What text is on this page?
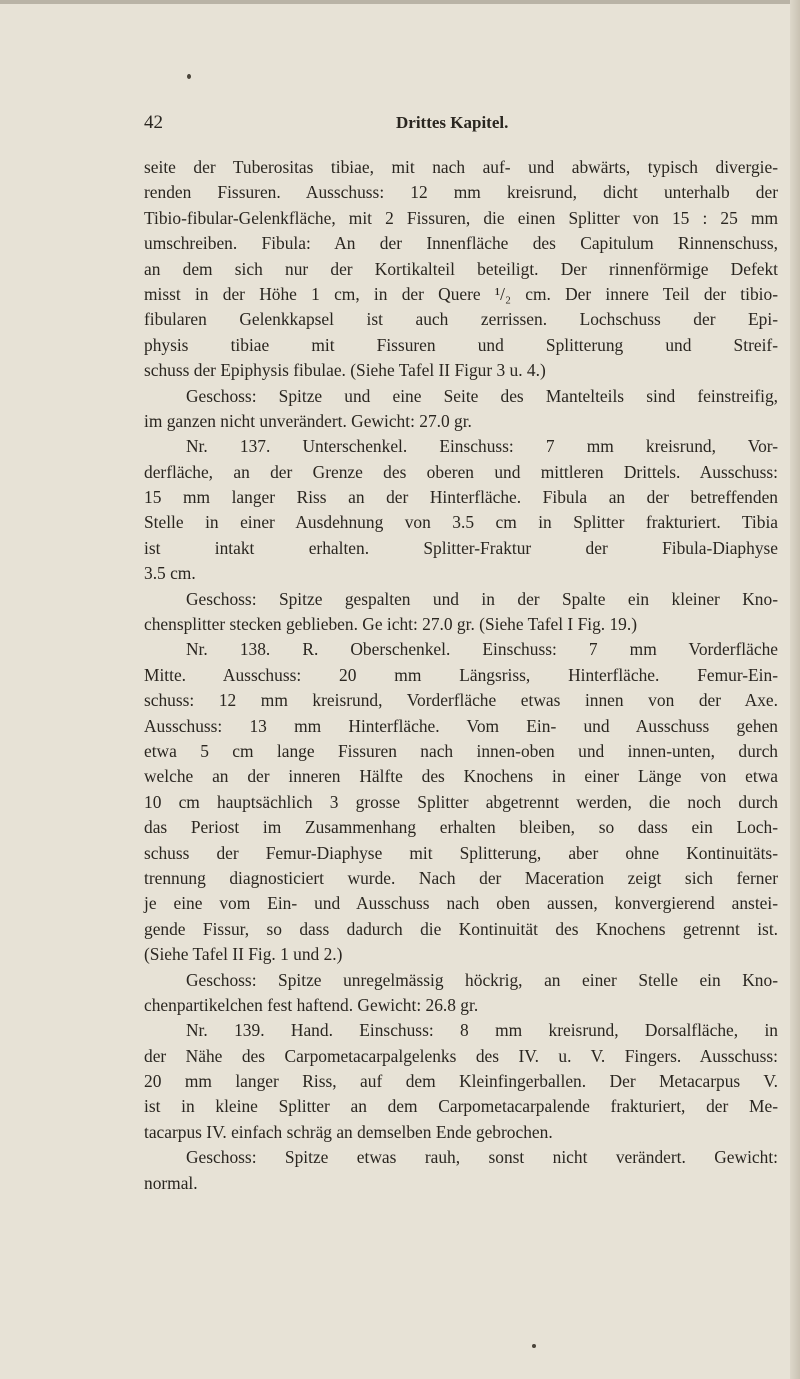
42	Drittes Kapitel.
seite der Tuberositas tibiae, mit nach auf- und abwärts, typisch divergie-
renden Fissuren. Ausschuss: 12 mm kreisrund, dicht unterhalb der
Tibio-fibular-Gelenkfläche, mit 2 Fissuren, die einen Splitter von 15 : 25 mm
umschreiben. Fibula: An der Innenfläche des Capitulum Rinnenschuss,
an dem sich nur der Kortikalteil beteiligt. Der rinnenförmige Defekt
misst in der Höhe 1 cm, in der Quere ¹/₂ cm. Der innere Teil der tibio-
fibularen Gelenkkapsel ist auch zerrissen. Lochschuss der Epi-
physis tibiae mit Fissuren und Splitterung und Streif-
schuss der Epiphysis fibulae. (Siehe Tafel II Figur 3 u. 4.)
Geschoss: Spitze und eine Seite des Mantelteils sind feinstreifig,
im ganzen nicht unverändert. Gewicht: 27.0 gr.
Nr. 137. Unterschenkel. Einschuss: 7 mm kreisrund, Vor-
derfläche, an der Grenze des oberen und mittleren Drittels. Ausschuss:
15 mm langer Riss an der Hinterfläche. Fibula an der betreffenden
Stelle in einer Ausdehnung von 3.5 cm in Splitter frakturiert. Tibia
ist intakt erhalten. Splitter-Fraktur der Fibula-Diaphyse
3.5 cm.
Geschoss: Spitze gespalten und in der Spalte ein kleiner Kno-
chensplitter stecken geblieben. Ge icht: 27.0 gr. (Siehe Tafel I Fig. 19.)
Nr. 138. R. Oberschenkel. Einschuss: 7 mm Vorderfläche
Mitte. Ausschuss: 20 mm Längsriss, Hinterfläche. Femur-Ein-
schuss: 12 mm kreisrund, Vorderfläche etwas innen von der Axe.
Ausschuss: 13 mm Hinterfläche. Vom Ein- und Ausschuss gehen
etwa 5 cm lange Fissuren nach innen-oben und innen-unten, durch
welche an der inneren Hälfte des Knochens in einer Länge von etwa
10 cm hauptsächlich 3 grosse Splitter abgetrennt werden, die noch durch
das Periost im Zusammenhang erhalten bleiben, so dass ein Loch-
schuss der Femur-Diaphyse mit Splitterung, aber ohne Kontinuitäts-
trennung diagnosticiert wurde. Nach der Maceration zeigt sich ferner
je eine vom Ein- und Ausschuss nach oben aussen, konvergierend anstei-
gende Fissur, so dass dadurch die Kontinuität des Knochens getrennt ist.
(Siehe Tafel II Fig. 1 und 2.)
Geschoss: Spitze unregelmässig höckrig, an einer Stelle ein Kno-
chenpartikelchen fest haftend. Gewicht: 26.8 gr.
Nr. 139. Hand. Einschuss: 8 mm kreisrund, Dorsalfläche, in
der Nähe des Carpometacarpalgelenks des IV. u. V. Fingers. Ausschuss:
20 mm langer Riss, auf dem Kleinfingerballen. Der Metacarpus V.
ist in kleine Splitter an dem Carpometacarpalende frakturiert, der Me-
tacarpus IV. einfach schräg an demselben Ende gebrochen.
Geschoss: Spitze etwas rauh, sonst nicht verändert. Gewicht:
normal.
